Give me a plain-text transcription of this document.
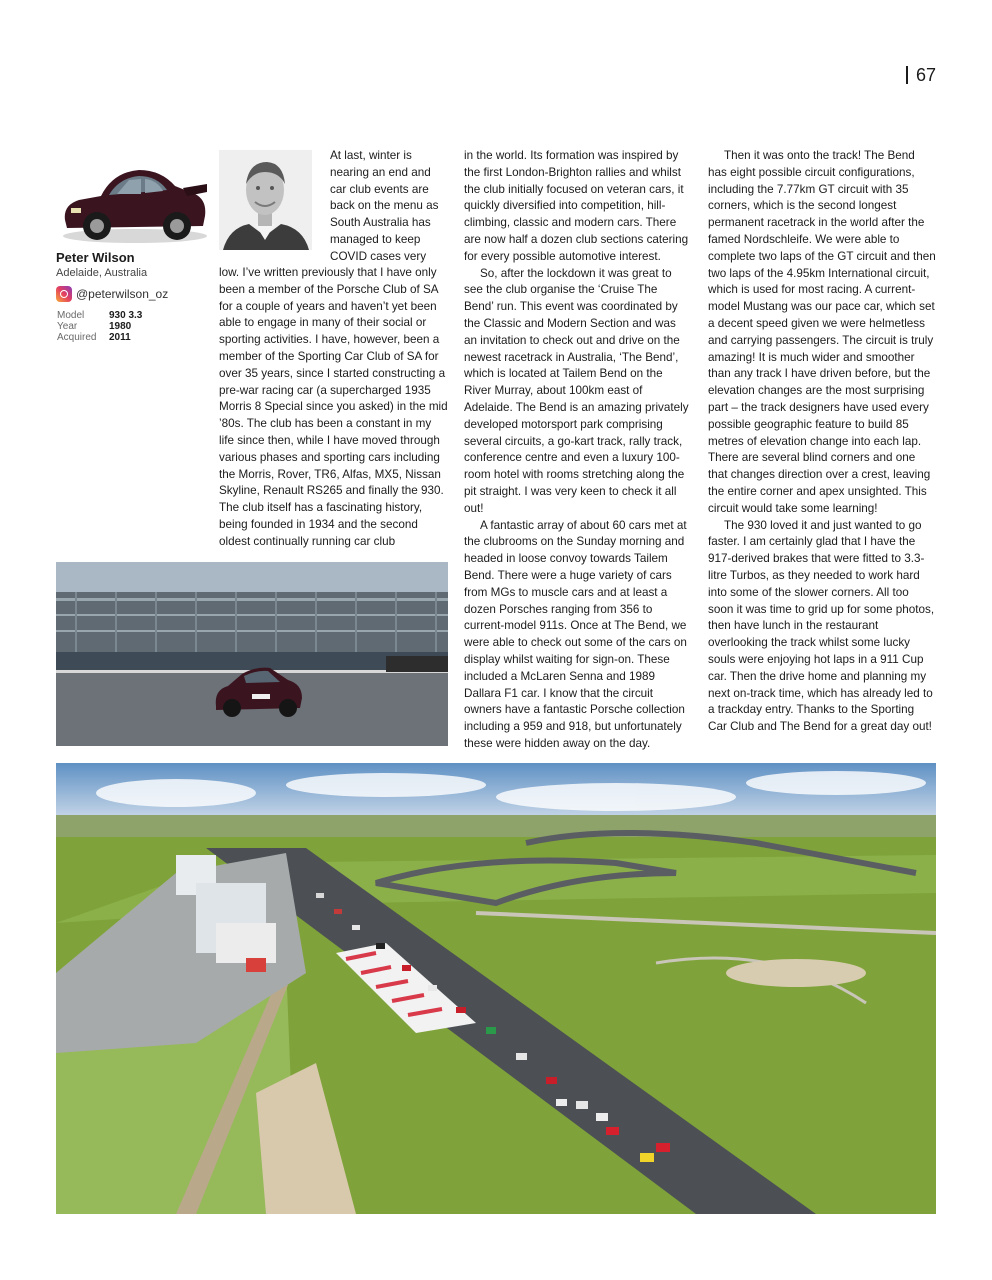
67
Peter Wilson
Adelaide, Australia
@peterwilson_oz
Model	930 3.3
Year	1980
Acquired	2011

At last, winter is nearing an end and car club events are back on the menu as South Australia has managed to keep COVID cases very

low. I’ve written previously that I have only been a member of the Porsche Club of SA for a couple of years and haven’t yet been able to engage in many of their social or sporting activities. I have, however, been a member of the Sporting Car Club of SA for over 35 years, since I started constructing a pre-war racing car (a supercharged 1935 Morris 8 Special since you asked) in the mid ’80s. The club has been a constant in my life since then, while I have moved through various phases and sporting cars including the Morris, Rover, TR6, Alfas, MX5, Nissan Skyline, Renault RS265 and finally the 930. The club itself has a fascinating history, being founded in 1934 and the second oldest continually running car club

in the world. Its formation was inspired by the first London-Brighton rallies and whilst the club initially focused on veteran cars, it quickly diversified into competition, hill-climbing, classic and modern cars. There are now half a dozen club sections catering for every possible automotive interest.

So, after the lockdown it was great to see the club organise the ‘Cruise The Bend’ run. This event was coordinated by the Classic and Modern Section and was an invitation to check out and drive on the newest racetrack in Australia, ‘The Bend’, which is located at Tailem Bend on the River Murray, about 100km east of Adelaide. The Bend is an amazing privately developed motorsport park comprising several circuits, a go-kart track, rally track, conference centre and even a luxury 100-room hotel with rooms stretching along the pit straight. I was very keen to check it all out!

A fantastic array of about 60 cars met at the clubrooms on the Sunday morning and headed in loose convoy towards Tailem Bend. There were a huge variety of cars from MGs to muscle cars and at least a dozen Porsches ranging from 356 to current-model 911s. Once at The Bend, we were able to check out some of the cars on display whilst waiting for sign-on. These included a McLaren Senna and 1989 Dallara F1 car. I know that the circuit owners have a fantastic Porsche collection including a 959 and 918, but unfortunately these were hidden away on the day.

Then it was onto the track! The Bend has eight possible circuit configurations, including the 7.77km GT circuit with 35 corners, which is the second longest permanent racetrack in the world after the famed Nordschleife. We were able to complete two laps of the GT circuit and then two laps of the 4.95km International circuit, which is used for most racing. A current-model Mustang was our pace car, which set a decent speed given we were helmetless and carrying passengers. The circuit is truly amazing! It is much wider and smoother than any track I have driven before, but the elevation changes are the most surprising part – the track designers have used every possible geographic feature to build 85 metres of elevation change into each lap. There are several blind corners and one that changes direction over a crest, leaving the entire corner and apex unsighted. This circuit would take some learning!

The 930 loved it and just wanted to go faster. I am certainly glad that I have the 917-derived brakes that were fitted to 3.3-litre Turbos, as they needed to work hard into some of the slower corners. All too soon it was time to grid up for some photos, then have lunch in the restaurant overlooking the track whilst some lucky souls were enjoying hot laps in a 911 Cup car. Then the drive home and planning my next on-track time, which has already led to a trackday entry. Thanks to the Sporting Car Club and The Bend for a great day out!
